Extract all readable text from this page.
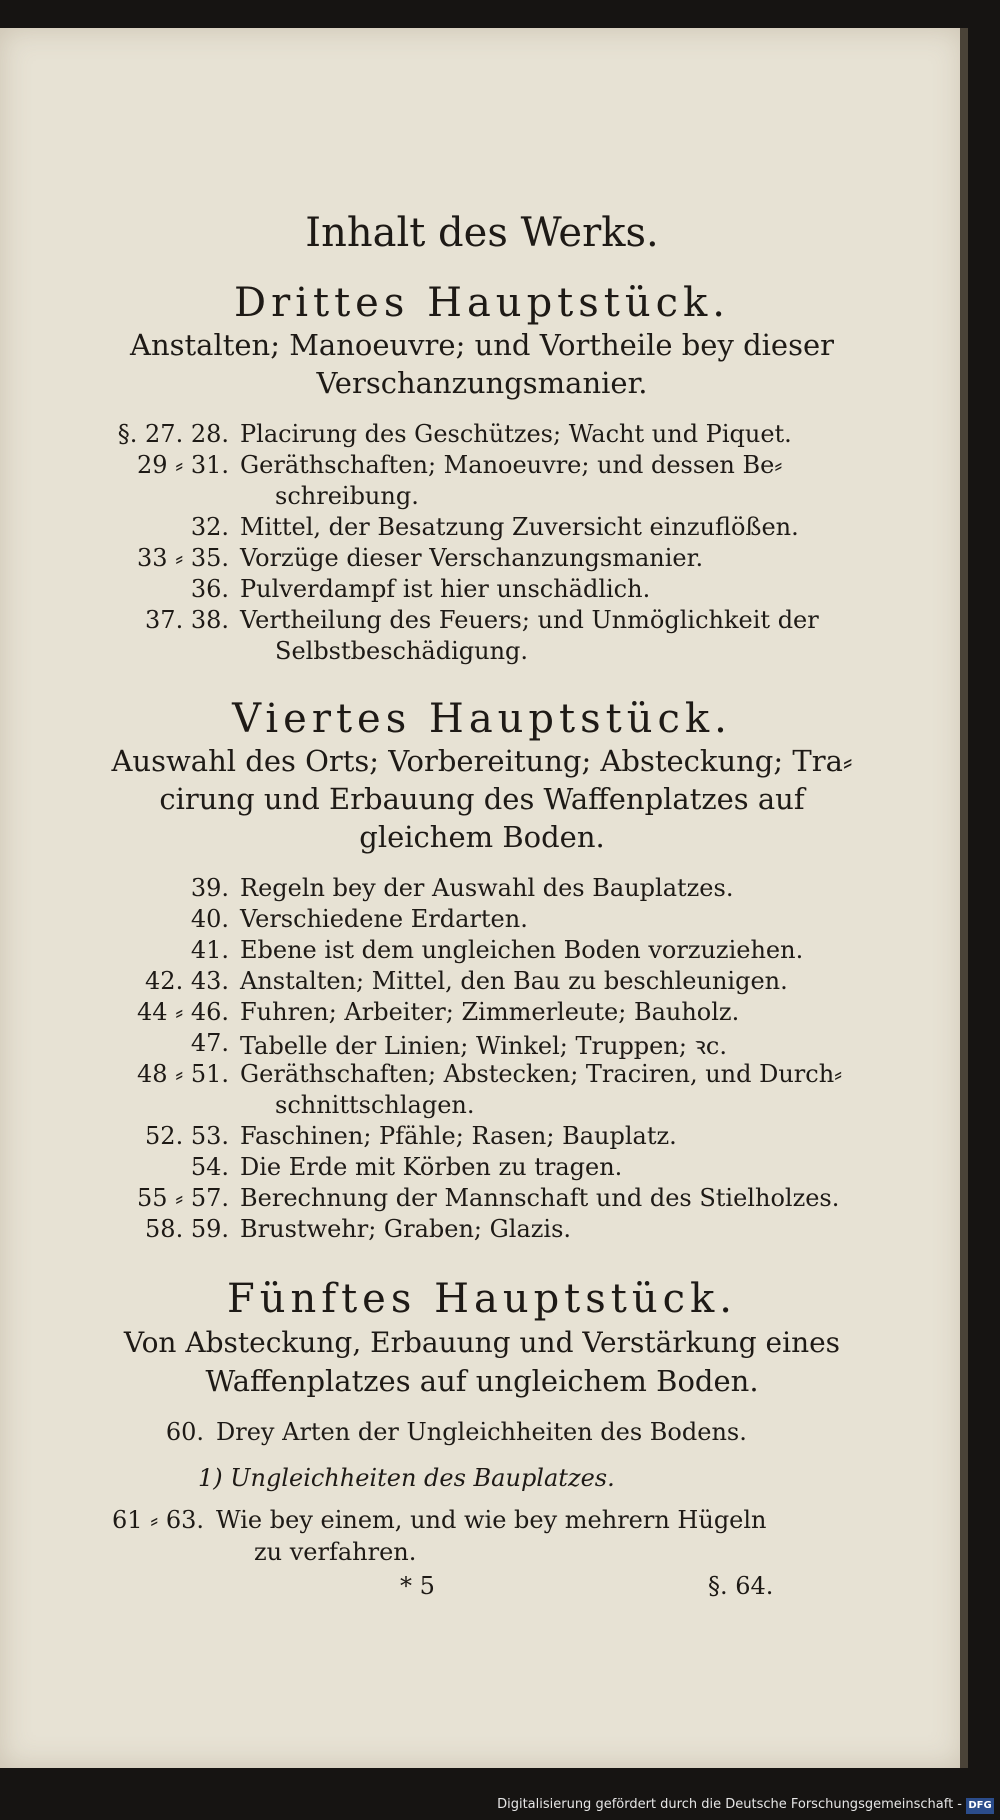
Inhalt des Werks.
Drittes Hauptstück.
Anstalten; Manoeuvre; und Vortheile bey dieser
Verschanzungsmanier.
§. 27. 28. Placirung des Geschützes; Wacht und Piquet.
29 ⸗ 31. Geräthschaften; Manoeuvre; und dessen Be⸗
schreibung.
32. Mittel, der Besatzung Zuversicht einzuflößen.
33 ⸗ 35. Vorzüge dieser Verschanzungsmanier.
36. Pulverdampf ist hier unschädlich.
37. 38. Vertheilung des Feuers; und Unmöglichkeit der
Selbstbeschädigung.
Viertes Hauptstück.
Auswahl des Orts; Vorbereitung; Absteckung; Tra⸗
cirung und Erbauung des Waffenplatzes auf
gleichem Boden.
39. Regeln bey der Auswahl des Bauplatzes.
40. Verschiedene Erdarten.
41. Ebene ist dem ungleichen Boden vorzuziehen.
42. 43. Anstalten; Mittel, den Bau zu beschleunigen.
44 ⸗ 46. Fuhren; Arbeiter; Zimmerleute; Bauholz.
47. Tabelle der Linien; Winkel; Truppen; ꝛc.
48 ⸗ 51. Geräthschaften; Abstecken; Traciren, und Durch⸗
schnittschlagen.
52. 53. Faschinen; Pfähle; Rasen; Bauplatz.
54. Die Erde mit Körben zu tragen.
55 ⸗ 57. Berechnung der Mannschaft und des Stielholzes.
58. 59. Brustwehr; Graben; Glazis.
Fünftes Hauptstück.
Von Absteckung, Erbauung und Verstärkung eines
Waffenplatzes auf ungleichem Boden.
60. Drey Arten der Ungleichheiten des Bodens.
1) Ungleichheiten des Bauplatzes.
61 ⸗ 63. Wie bey einem, und wie bey mehrern Hügeln
zu verfahren.
* 5	§. 64.
Digitalisierung gefördert durch die Deutsche Forschungsgemeinschaft - DFG
